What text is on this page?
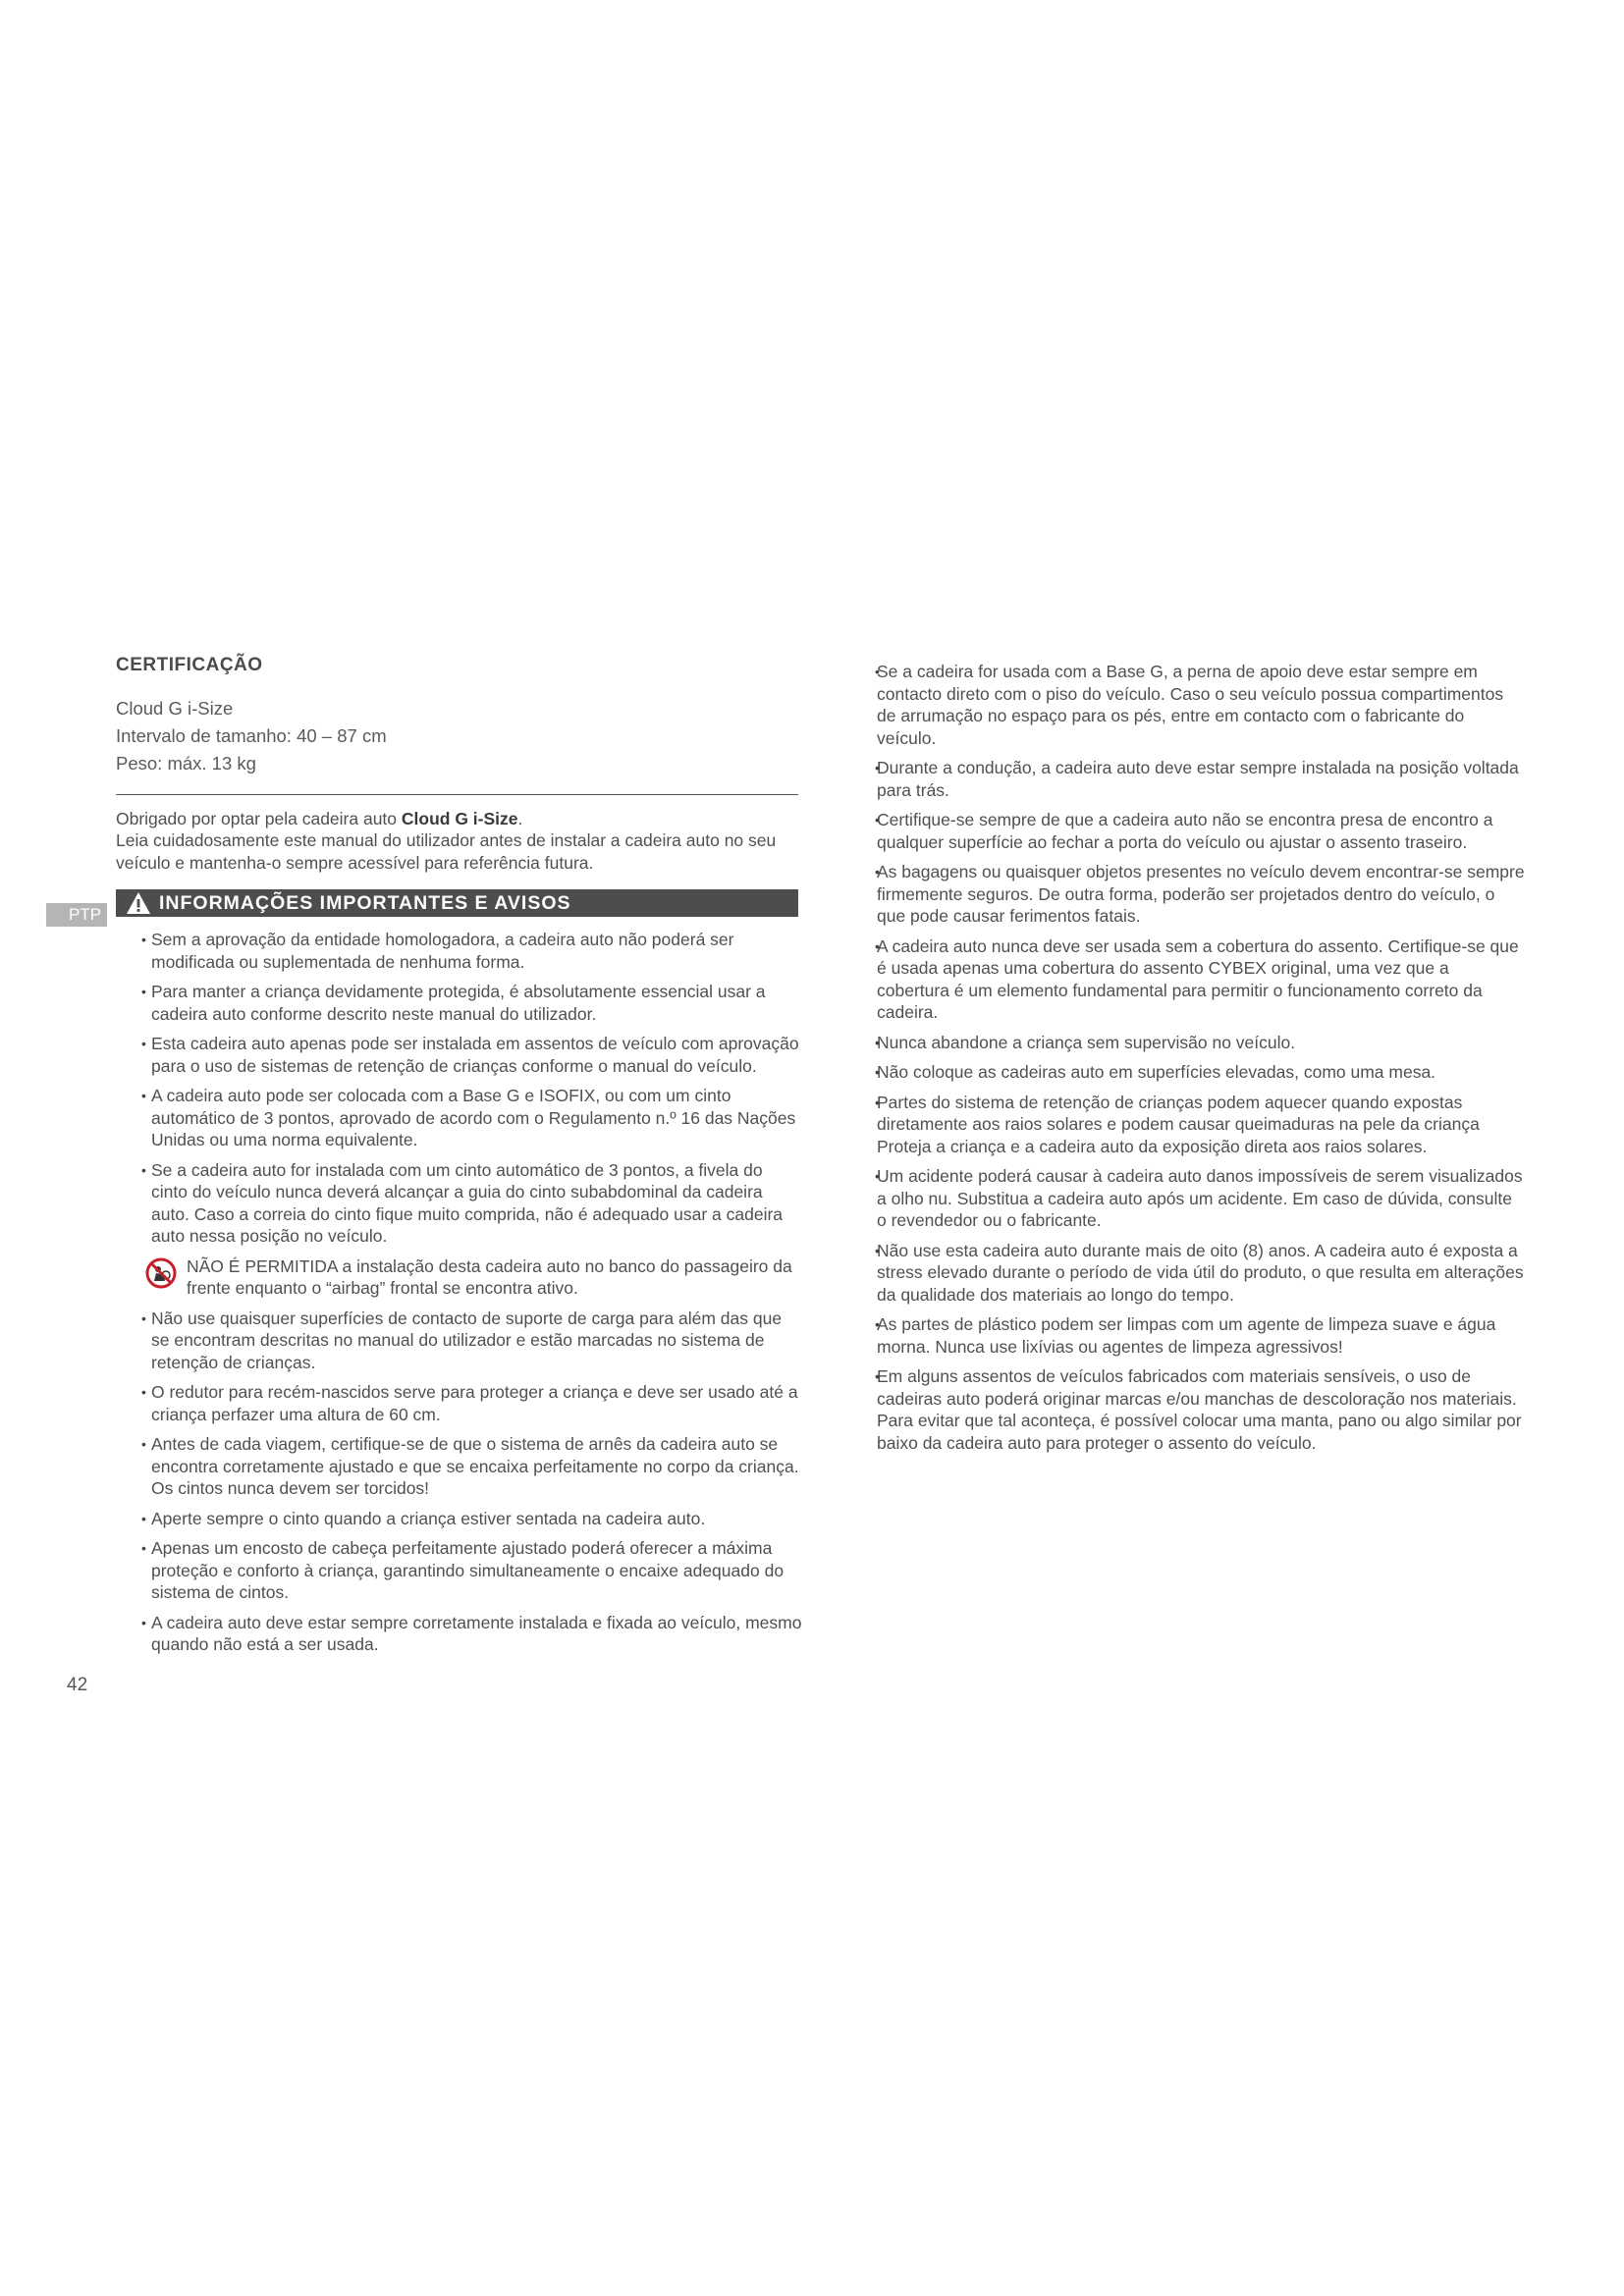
PTP
CERTIFICAÇÃO
Cloud G i-Size
Intervalo de tamanho: 40 – 87 cm
Peso: máx. 13 kg

Obrigado por optar pela cadeira auto Cloud G i-Size.

Leia cuidadosamente este manual do utilizador antes de instalar a cadeira auto no seu veículo e mantenha-o sempre acessível para referência futura.

INFORMAÇÕES IMPORTANTES E AVISOS
• Sem a aprovação da entidade homologadora, a cadeira auto não poderá ser modificada ou suplementada de nenhuma forma.
• Para manter a criança devidamente protegida, é absolutamente essencial usar a cadeira auto conforme descrito neste manual do utilizador.
• Esta cadeira auto apenas pode ser instalada em assentos de veículo com aprovação para o uso de sistemas de retenção de crianças conforme o manual do veículo.
• A cadeira auto pode ser colocada com a Base G e ISOFIX, ou com um cinto automático de 3 pontos, aprovado de acordo com o Regulamento n.º 16 das Nações Unidas ou uma norma equivalente.
• Se a cadeira auto for instalada com um cinto automático de 3 pontos, a fivela do cinto do veículo nunca deverá alcançar a guia do cinto subabdominal da cadeira auto. Caso a correia do cinto fique muito comprida, não é adequado usar a cadeira auto nessa posição no veículo.
NÃO É PERMITIDA a instalação desta cadeira auto no banco do passageiro da frente enquanto o “airbag” frontal se encontra ativo.
• Não use quaisquer superfícies de contacto de suporte de carga para além das que se encontram descritas no manual do utilizador e estão marcadas no sistema de retenção de crianças.
• O redutor para recém-nascidos serve para proteger a criança e deve ser usado até a criança perfazer uma altura de 60 cm.
• Antes de cada viagem, certifique-se de que o sistema de arnês da cadeira auto se encontra corretamente ajustado e que se encaixa perfeitamente no corpo da criança. Os cintos nunca devem ser torcidos!
• Aperte sempre o cinto quando a criança estiver sentada na cadeira auto.
• Apenas um encosto de cabeça perfeitamente ajustado poderá oferecer a máxima proteção e conforto à criança, garantindo simultaneamente o encaixe adequado do sistema de cintos.
• A cadeira auto deve estar sempre corretamente instalada e fixada ao veículo, mesmo quando não está a ser usada.
• Se a cadeira for usada com a Base G, a perna de apoio deve estar sempre em contacto direto com o piso do veículo. Caso o seu veículo possua compartimentos de arrumação no espaço para os pés, entre em contacto com o fabricante do veículo.
• Durante a condução, a cadeira auto deve estar sempre instalada na posição voltada para trás.
• Certifique-se sempre de que a cadeira auto não se encontra presa de encontro a qualquer superfície ao fechar a porta do veículo ou ajustar o assento traseiro.
• As bagagens ou quaisquer objetos presentes no veículo devem encontrar-se sempre firmemente seguros. De outra forma, poderão ser projetados dentro do veículo, o que pode causar ferimentos fatais.
• A cadeira auto nunca deve ser usada sem a cobertura do assento. Certifique-se que é usada apenas uma cobertura do assento CYBEX original, uma vez que a cobertura é um elemento fundamental para permitir o funcionamento correto da cadeira.
• Nunca abandone a criança sem supervisão no veículo.
• Não coloque as cadeiras auto em superfícies elevadas, como uma mesa.
• Partes do sistema de retenção de crianças podem aquecer quando expostas diretamente aos raios solares e podem causar queimaduras na pele da criança Proteja a criança e a cadeira auto da exposição direta aos raios solares.
• Um acidente poderá causar à cadeira auto danos impossíveis de serem visualizados a olho nu. Substitua a cadeira auto após um acidente. Em caso de dúvida, consulte o revendedor ou o fabricante.
• Não use esta cadeira auto durante mais de oito (8) anos. A cadeira auto é exposta a stress elevado durante o período de vida útil do produto, o que resulta em alterações da qualidade dos materiais ao longo do tempo.
• As partes de plástico podem ser limpas com um agente de limpeza suave e água morna. Nunca use lixívias ou agentes de limpeza agressivos!
• Em alguns assentos de veículos fabricados com materiais sensíveis, o uso de cadeiras auto poderá originar marcas e/ou manchas de descoloração nos materiais. Para evitar que tal aconteça, é possível colocar uma manta, pano ou algo similar por baixo da cadeira auto para proteger o assento do veículo.
42
